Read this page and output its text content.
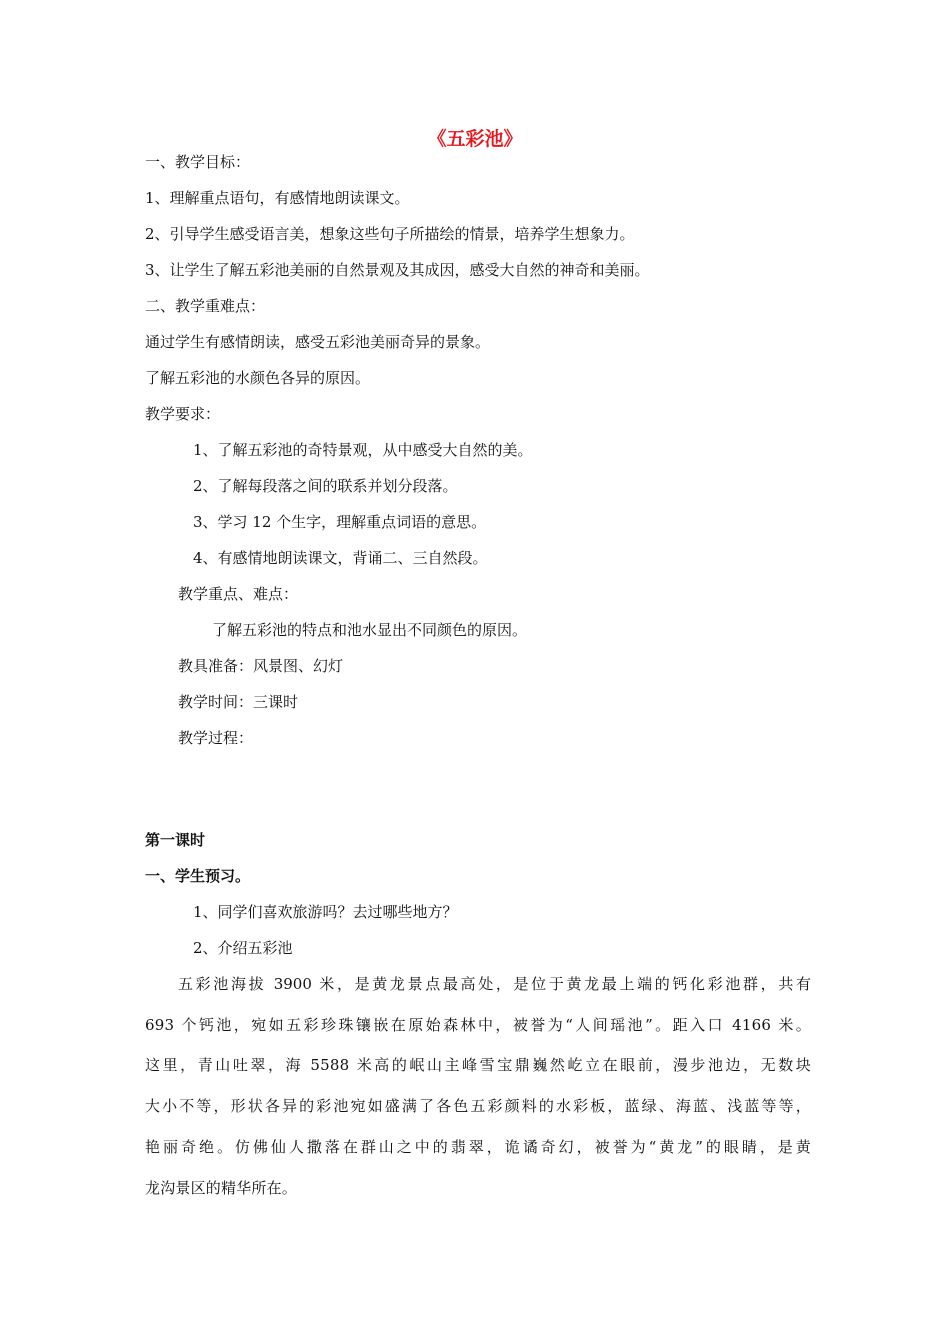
《五彩池》
一、教学目标：
1、理解重点语句，有感情地朗读课文。
2、引导学生感受语言美，想象这些句子所描绘的情景，培养学生想象力。
3、让学生了解五彩池美丽的自然景观及其成因，感受大自然的神奇和美丽。
二、教学重难点：
通过学生有感情朗读，感受五彩池美丽奇异的景象。
了解五彩池的水颜色各异的原因。
教学要求：
1、了解五彩池的奇特景观，从中感受大自然的美。
2、了解每段落之间的联系并划分段落。
3、学习 12 个生字，理解重点词语的意思。
4、有感情地朗读课文，背诵二、三自然段。
教学重点、难点：
了解五彩池的特点和池水显出不同颜色的原因。
教具准备：风景图、幻灯
教学时间：三课时
教学过程：
第一课时
一、学生预习。
1、同学们喜欢旅游吗？去过哪些地方？
2、介绍五彩池
五彩池海拔 3900 米，是黄龙景点最高处，是位于黄龙最上端的钙化彩池群，共有
693 个钙池，宛如五彩珍珠镶嵌在原始森林中，被誉为“人间瑶池”。距入口 4166 米。
这里，青山吐翠，海 5588 米高的岷山主峰雪宝鼎巍然屹立在眼前，漫步池边，无数块
大小不等，形状各异的彩池宛如盛满了各色五彩颜料的水彩板，蓝绿、海蓝、浅蓝等等，
艳丽奇绝。仿佛仙人撒落在群山之中的翡翠，诡谲奇幻，被誉为“黄龙”的眼睛，是黄
龙沟景区的精华所在。
